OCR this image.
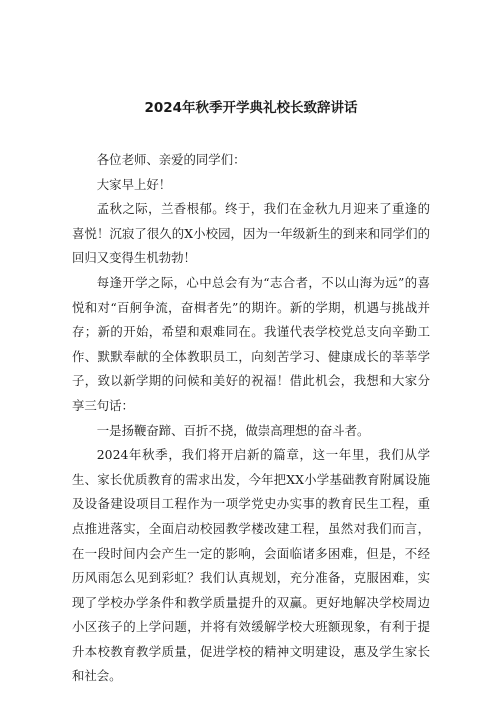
2024年秋季开学典礼校长致辞讲话

各位老师、亲爱的同学们：

大家早上好！

孟秋之际，兰香根郁。终于，我们在金秋九月迎来了重逢的喜悦！沉寂了很久的X小校园，因为一年级新生的到来和同学们的回归又变得生机勃勃！

每逢开学之际，心中总会有为“志合者，不以山海为远”的喜悦和对“百舸争流，奋楫者先”的期许。新的学期，机遇与挑战并存；新的开始，希望和艰难同在。我谨代表学校党总支向辛勤工作、默默奉献的全体教职员工，向刻苦学习、健康成长的莘莘学子，致以新学期的问候和美好的祝福！借此机会，我想和大家分享三句话：

一是扬鞭奋蹄、百折不挠，做崇高理想的奋斗者。

2024年秋季，我们将开启新的篇章，这一年里，我们从学生、家长优质教育的需求出发，今年把XX小学基础教育附属设施及设备建设项目工程作为一项学党史办实事的教育民生工程，重点推进落实，全面启动校园教学楼改建工程，虽然对我们而言，在一段时间内会产生一定的影响，会面临诸多困难，但是，不经历风雨怎么见到彩虹？我们认真规划，充分准备，克服困难，实现了学校办学条件和教学质量提升的双赢。更好地解决学校周边小区孩子的上学问题，并将有效缓解学校大班额现象，有利于提升本校教育教学质量，促进学校的精神文明建设，惠及学生家长和社会。
